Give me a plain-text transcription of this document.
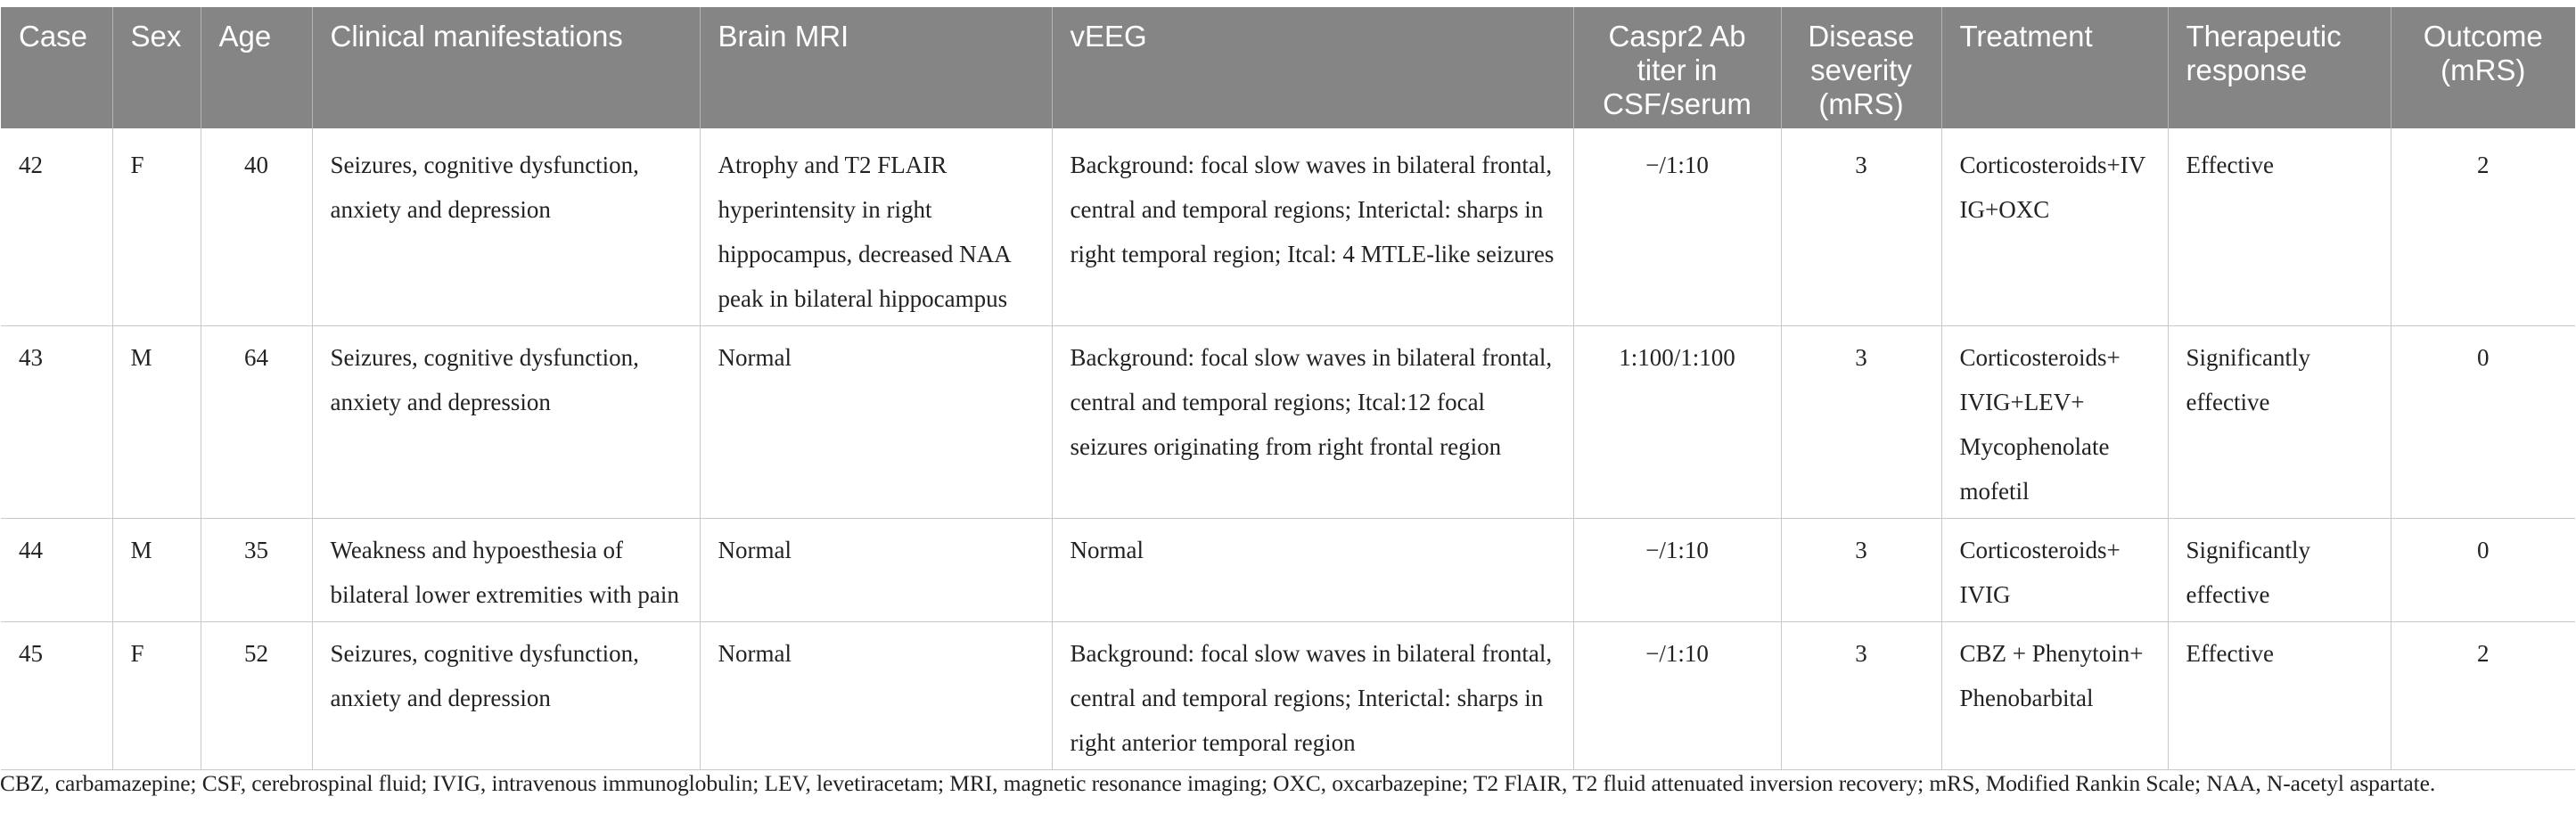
Case	Sex	Age	Clinical manifestations	Brain MRI	vEEG	Caspr2 Ab titer in CSF/serum	Disease severity (mRS)	Treatment	Therapeutic response	Outcome (mRS)
42	F	40	Seizures, cognitive dysfunction, anxiety and depression	Atrophy and T2 FLAIR hyperintensity in right hippocampus, decreased NAA peak in bilateral hippocampus	Background: focal slow waves in bilateral frontal, central and temporal regions; Interictal: sharps in right temporal region; Itcal: 4 MTLE-like seizures	−/1:10	3	Corticosteroids+IVIG+OXC	Effective	2
43	M	64	Seizures, cognitive dysfunction, anxiety and depression	Normal	Background: focal slow waves in bilateral frontal, central and temporal regions; Itcal:12 focal seizures originating from right frontal region	1:100/1:100	3	Corticosteroids+ IVIG+LEV+ Mycophenolate mofetil	Significantly effective	0
44	M	35	Weakness and hypoesthesia of bilateral lower extremities with pain	Normal	Normal	−/1:10	3	Corticosteroids+ IVIG	Significantly effective	0
45	F	52	Seizures, cognitive dysfunction, anxiety and depression	Normal	Background: focal slow waves in bilateral frontal, central and temporal regions; Interictal: sharps in right anterior temporal region	−/1:10	3	CBZ + Phenytoin+ Phenobarbital	Effective	2
CBZ, carbamazepine; CSF, cerebrospinal fluid; IVIG, intravenous immunoglobulin; LEV, levetiracetam; MRI, magnetic resonance imaging; OXC, oxcarbazepine; T2 FlAIR, T2 fluid attenuated inversion recovery; mRS, Modified Rankin Scale; NAA, N-acetyl aspartate.
